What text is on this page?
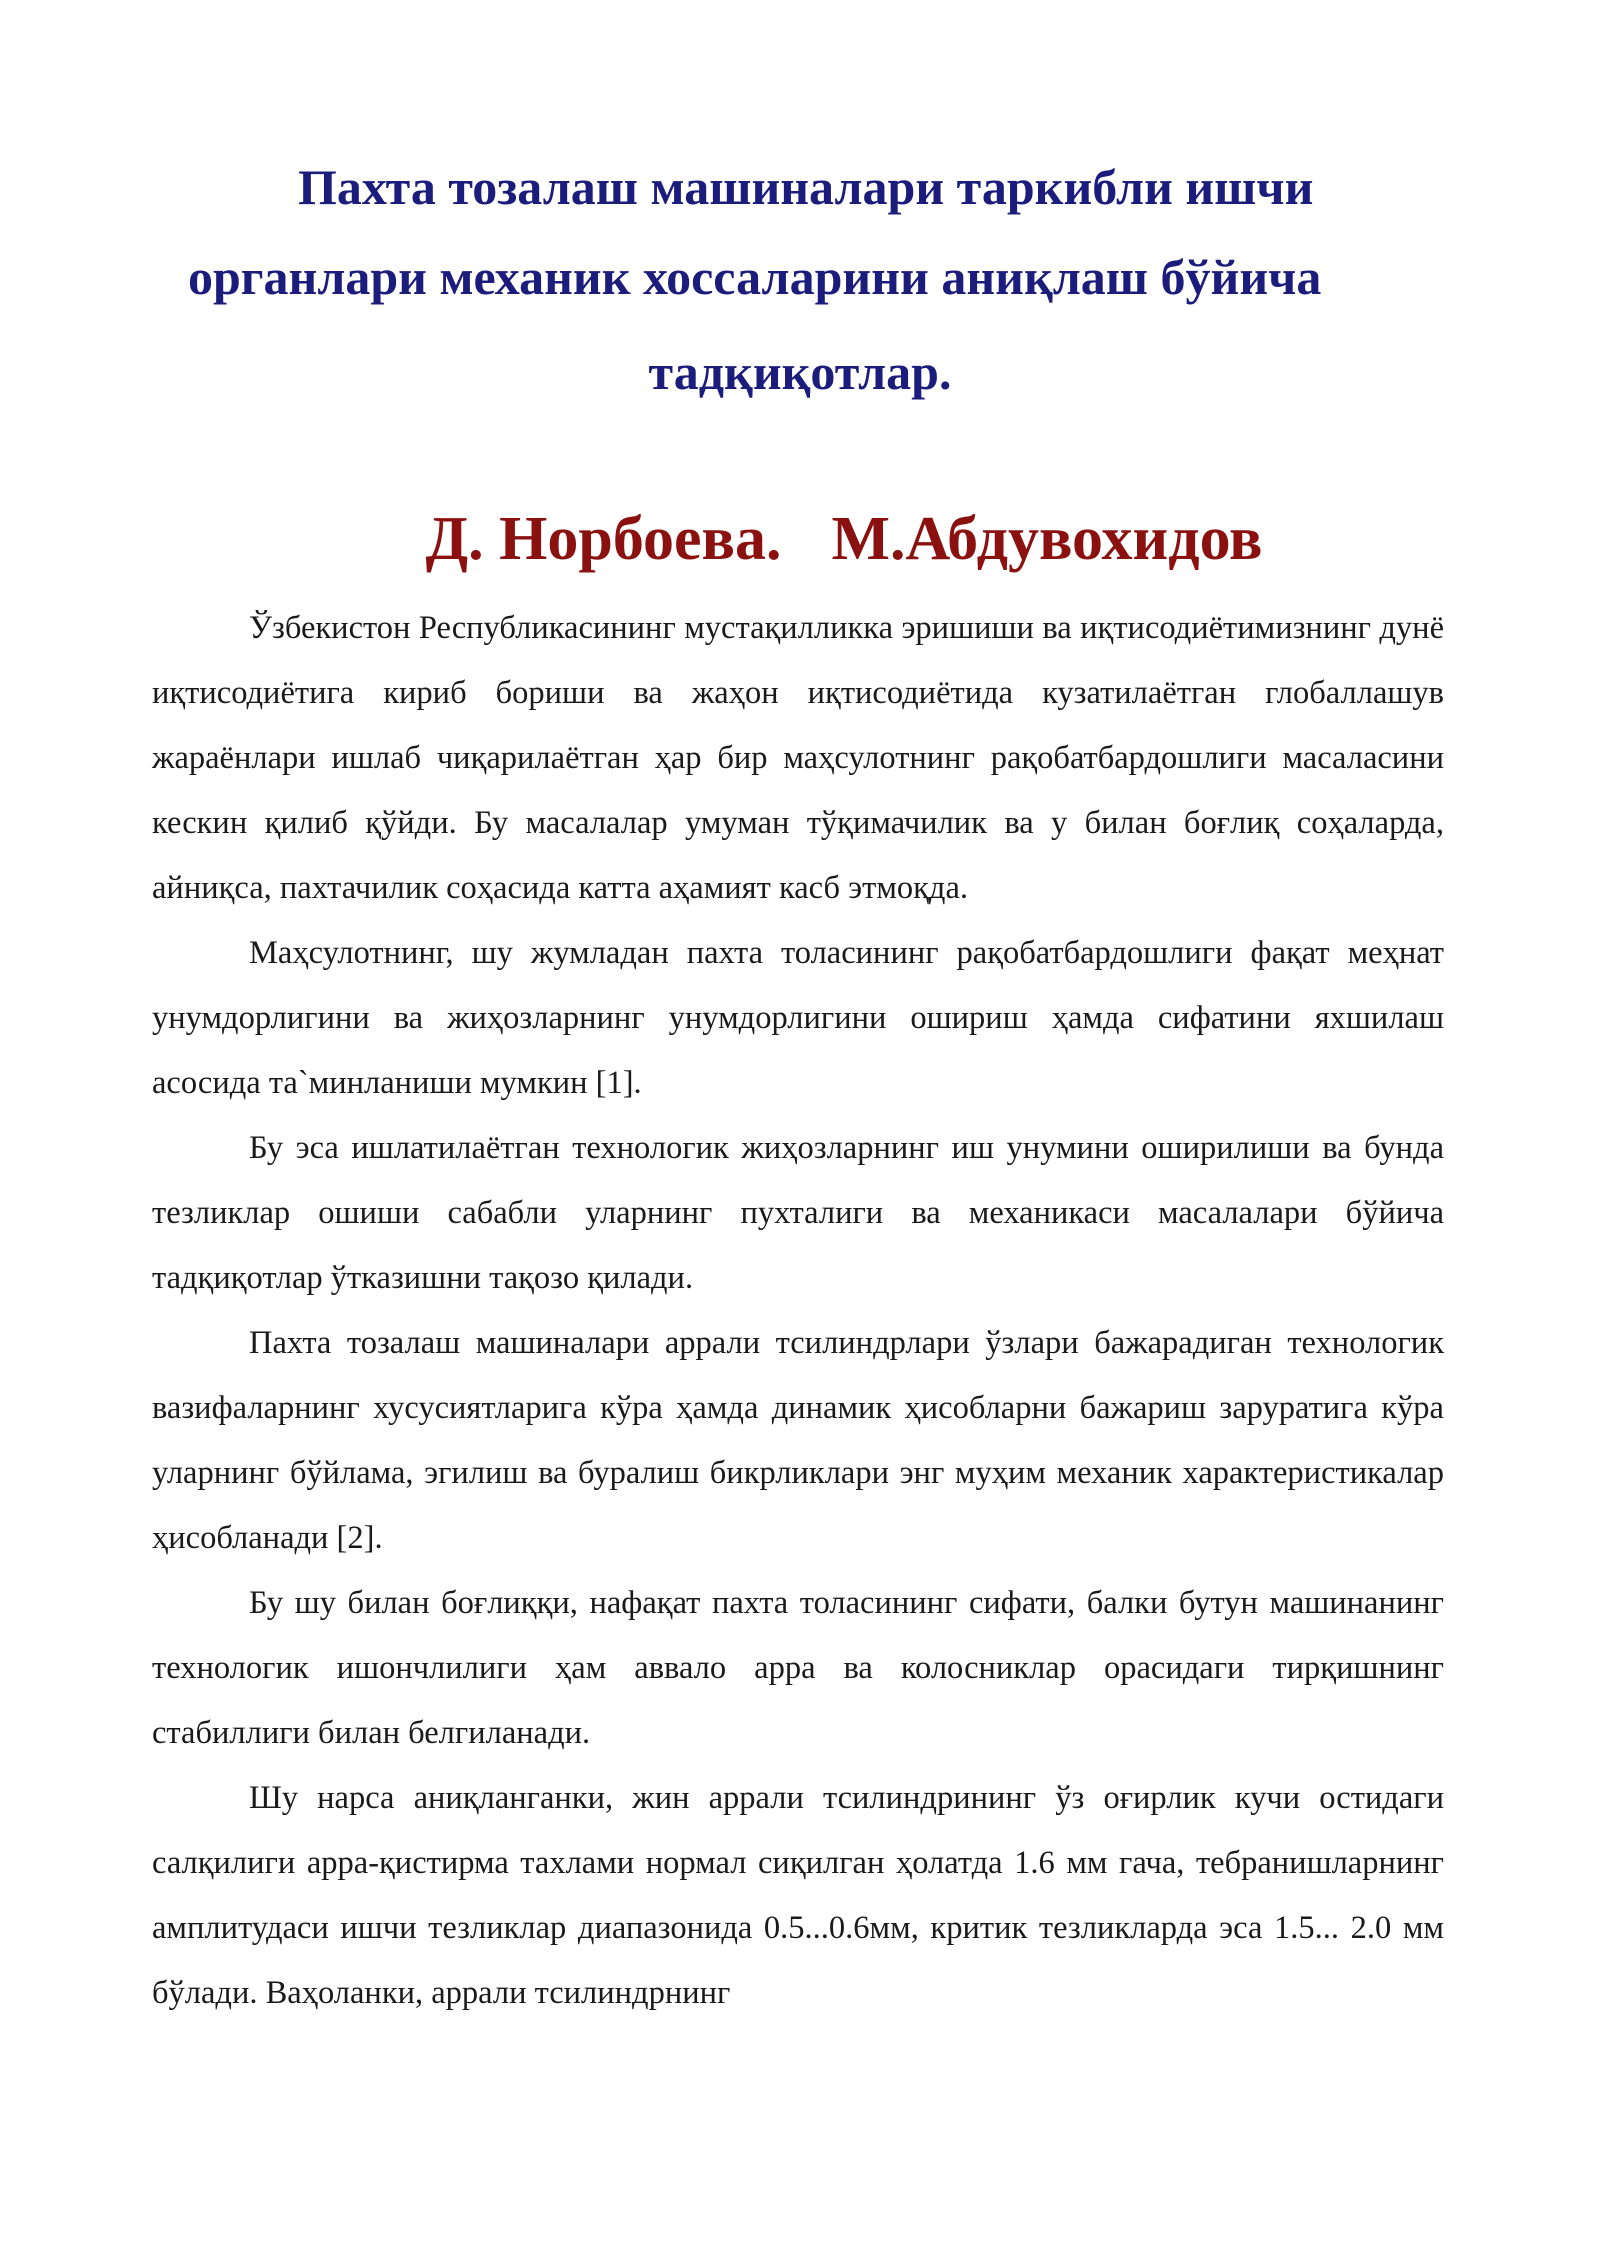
Пахта тозалаш машиналари таркибли ишчи
органлари механик хоссаларини аниқлаш бўйича
тадқиқотлар.
Д. Норбоева. М.Абдувохидов

Ўзбекистон Республикасининг мустақилликка эришиши ва иқтисодиётимизнинг дунё иқтисодиётига кириб бориши ва жаҳон иқтисодиётида кузатилаётган глобаллашув жараёнлари ишлаб чиқарилаётган ҳар бир маҳсулотнинг рақобатбардошлиги масаласини кескин қилиб қўйди. Бу масалалар умуман тўқимачилик ва у билан боғлиқ соҳаларда, айниқса, пахтачилик соҳасида катта аҳамият касб этмоқда.

Маҳсулотнинг, шу жумладан пахта толасининг рақобатбардошлиги фақат меҳнат унумдорлигини ва жиҳозларнинг унумдорлигини ошириш ҳамда сифатини яхшилаш асосида та`минланиши мумкин [1].

Бу эса ишлатилаётган технологик жиҳозларнинг иш унумини оширилиши ва бунда тезликлар ошиши сабабли уларнинг пухталиги ва механикаси масалалари бўйича тадқиқотлар ўтказишни тақозо қилади.

Пахта тозалаш машиналари аррали тсилиндрлари ўзлари бажарадиган технологик вазифаларнинг хусусиятларига кўра ҳамда динамик ҳисобларни бажариш заруратига кўра уларнинг бўйлама, эгилиш ва буралиш бикрликлари энг муҳим механик характеристикалар ҳисобланади [2].

Бу шу билан боғлиққи, нафақат пахта толасининг сифати, балки бутун машинанинг технологик ишончлилиги ҳам аввало арра ва колосниклар орасидаги тирқишнинг стабиллиги билан белгиланади.

Шу нарса аниқланганки, жин аррали тсилиндрининг ўз оғирлик кучи остидаги салқилиги арра-қистирма тахлами нормал сиқилган ҳолатда 1.6 мм гача, тебранишларнинг амплитудаси ишчи тезликлар диапазонида 0.5...0.6мм, критик тезликларда эса 1.5... 2.0 мм бўлади. Ваҳоланки, аррали тсилиндрнинг
